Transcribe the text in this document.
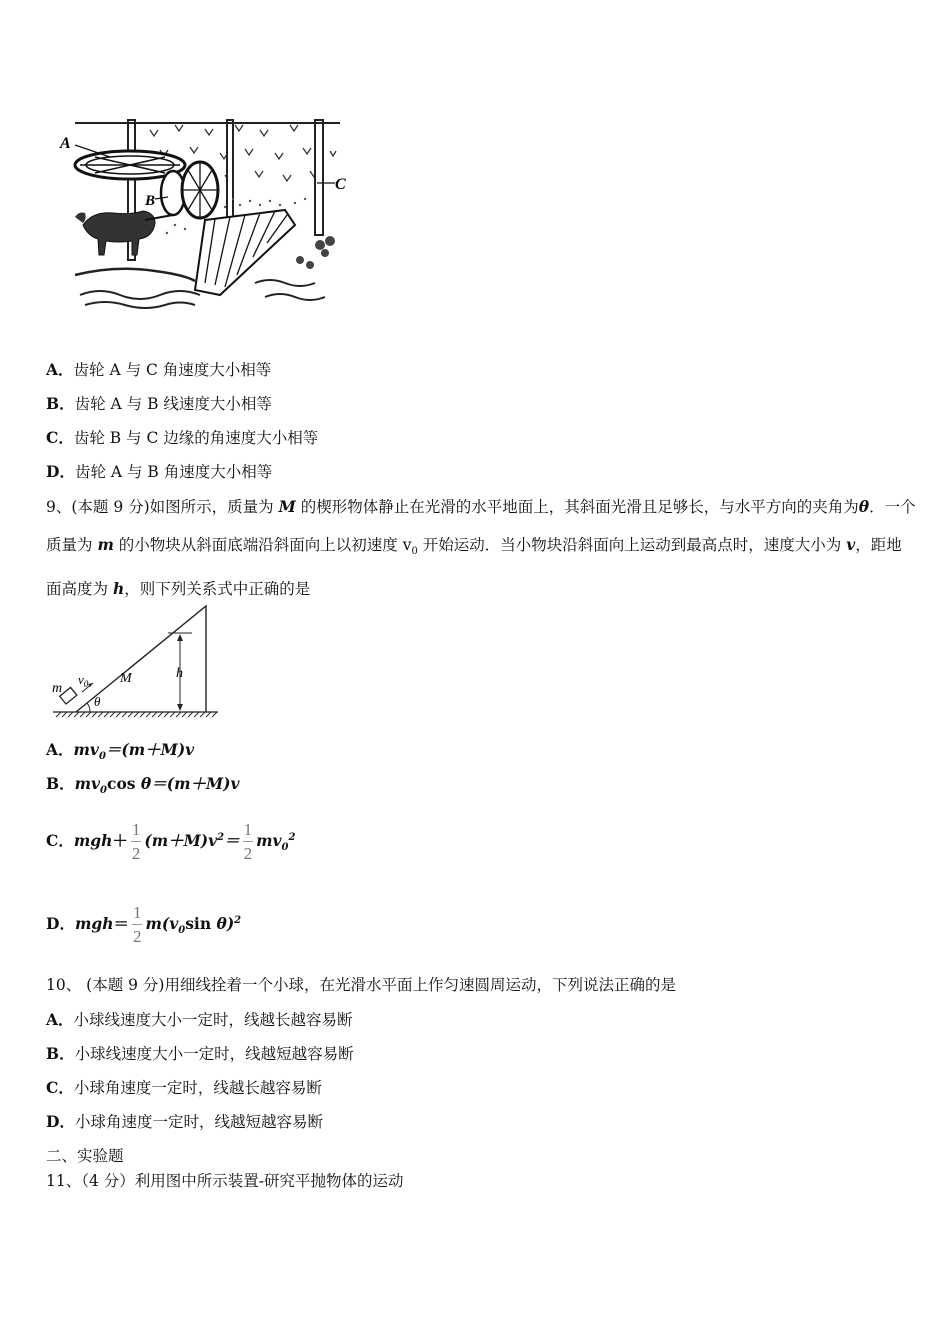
A
B
C
A．齿轮 A 与 C 角速度大小相等
B．齿轮 A 与 B 线速度大小相等
C．齿轮 B 与 C 边缘的角速度大小相等
D．齿轮 A 与 B 角速度大小相等
9、(本题 9 分)如图所示，质量为 M 的楔形物体静止在光滑的水平地面上，其斜面光滑且足够长，与水平方向的夹角为θ．一个质量为 m 的小物块从斜面底端沿斜面向上以初速度 $v_0$ 开始运动．当小物块沿斜面向上运动到最高点时，速度大小为 v，距地面高度为 h，则下列关系式中正确的是
m
$v_0$ M	h
θ
A．$mv_0=(m+M)v$
B．$mv_0\cos$ θ＝(m＋M)v
C．$mgh+ \frac{1}{2} (m+M)v^2= \frac{1}{2} mv_0^2$
D．$mgh= \frac{1}{2} m(v_0\sin$ θ)$^2$
10、 (本题 9 分)用细线拴着一个小球，在光滑水平面上作匀速圆周运动，下列说法正确的是
A．小球线速度大小一定时，线越长越容易断
B．小球线速度大小一定时，线越短越容易断
C．小球角速度一定时，线越长越容易断
D．小球角速度一定时，线越短越容易断
二、实验题
11、（4 分）利用图中所示装置-研究平抛物体的运动
